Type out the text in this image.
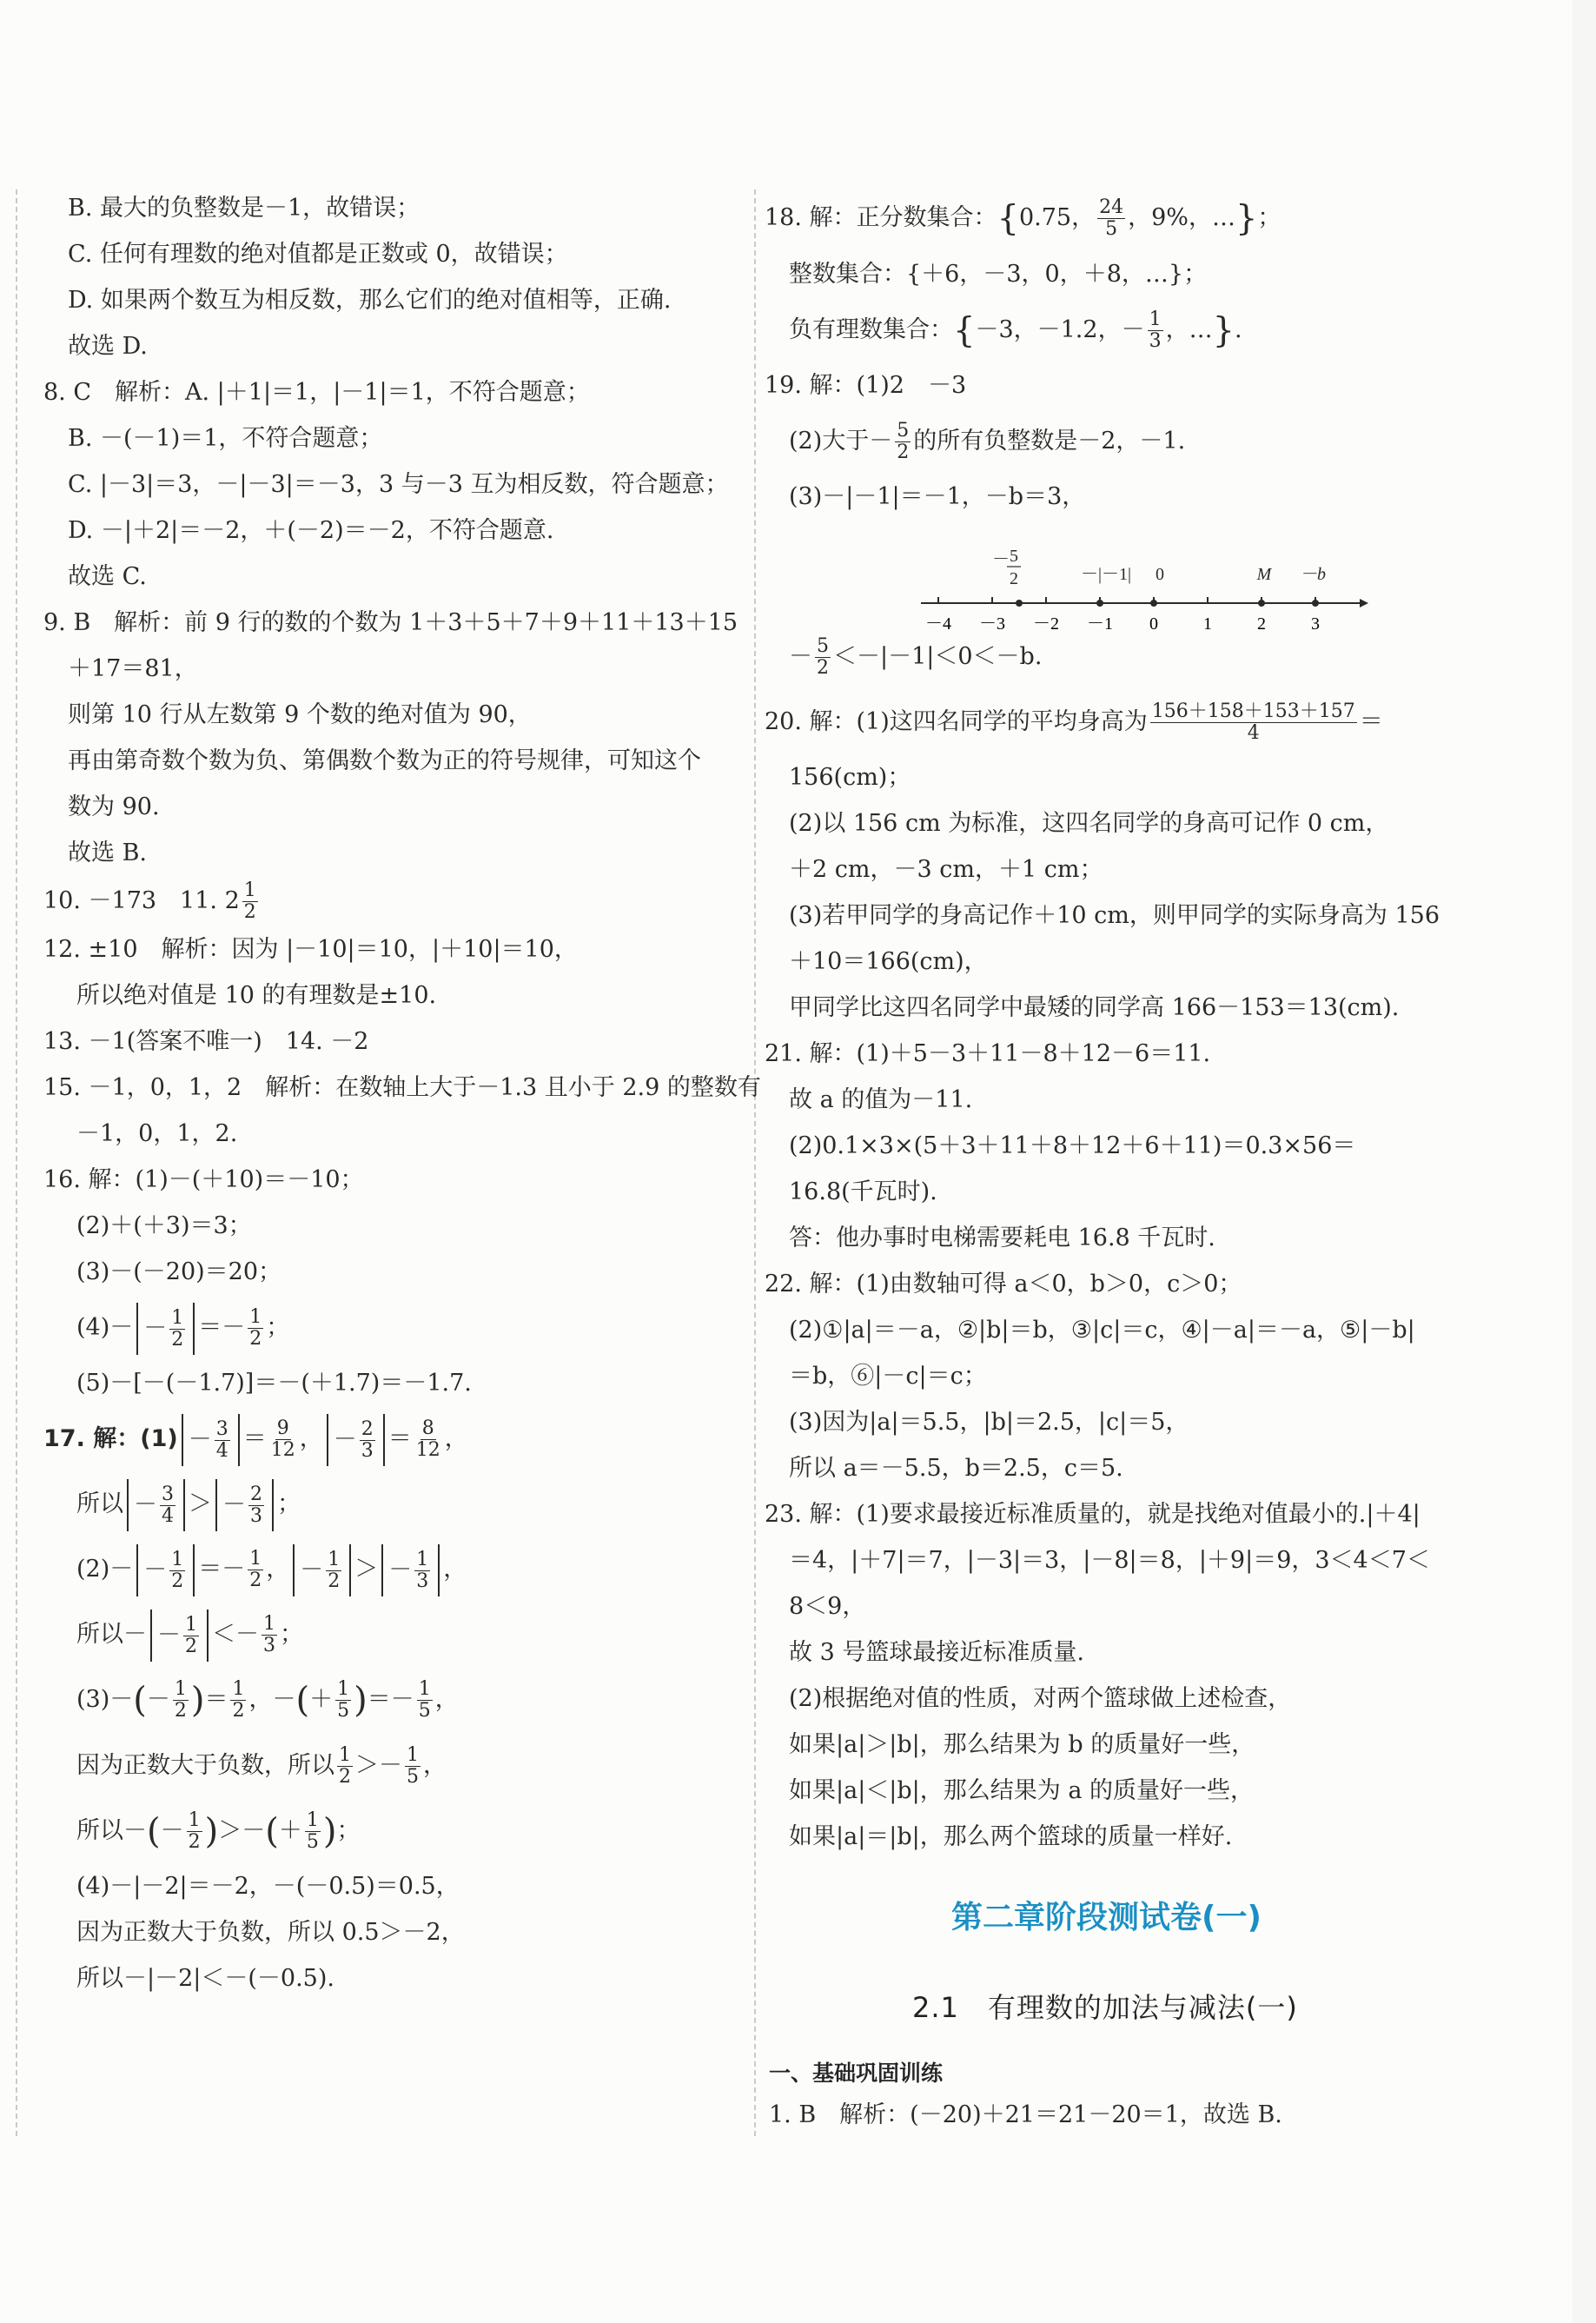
B. 最大的负整数是－1，故错误；
C. 任何有理数的绝对值都是正数或 0，故错误；
D. 如果两个数互为相反数，那么它们的绝对值相等，正确.
故选 D.
8. C　解析：A. |＋1|＝1，|－1|＝1，不符合题意；
B. －(－1)＝1，不符合题意；
C. |－3|＝3，－|－3|＝－3，3 与－3 互为相反数，符合题意；
D. －|＋2|＝－2，＋(－2)＝－2，不符合题意.
故选 C.
9. B　解析：前 9 行的数的个数为 1＋3＋5＋7＋9＋11＋13＋15
＋17＝81，
则第 10 行从左数第 9 个数的绝对值为 90，
再由第奇数个数为负、第偶数个数为正的符号规律，可知这个
数为 90.
故选 B.
10. －173　11. $2 \frac{1}{2}$
12. ±10　解析：因为 |－10|＝10，|＋10|＝10，
所以绝对值是 10 的有理数是±10.
13. －1(答案不唯一)　14. －2
15. －1，0，1，2　解析：在数轴上大于－1.3 且小于 2.9 的整数有
－1，0，1，2.
16. 解：(1)－(＋10)＝－10；
(2)＋(＋3)＝3；
(3)－(－20)＝20；
$(4)- - \frac{1}{2} =- \frac{1}{2}$ ；
(5)－[－(－1.7)]＝－(＋1.7)＝－1.7.
17. 解：$(1) - \frac{3}{4} = \frac{9}{12}$ ， － $\frac{2}{3} = \frac{8}{12}$ ，
所以 － $\frac{3}{4}$ ＞ － $\frac{2}{3}$ ；
$(2)- - \frac{1}{2} =- \frac{1}{2}$ ， － $\frac{1}{2}$ ＞ － $\frac{1}{3}$ ，
所以－ － $\frac{1}{2} <- \frac{1}{3}$ ；
$(3)-(- \frac{1}{2}$ )＝ $\frac{1}{2}$ ，－(＋ $\frac{1}{5}$ )＝－ $\frac{1}{5}$ ，
因为正数大于负数，所以 $\frac{1}{2} >- \frac{1}{5}$ ，
所以－(－ $\frac{1}{2}$ )＞－(＋ $\frac{1}{5}$ )；
(4)－|－2|＝－2，－(－0.5)＝0.5，
因为正数大于负数，所以 0.5＞－2，
所以－|－2|＜－(－0.5).
18. 解：正分数集合：{0.75， $\frac{24}{5}$ ，9%，…}；
整数集合：{＋6，－3，0，＋8，…}；
负有理数集合：{－3，－1.2，－ $\frac{1}{3}$ ，…}.
19. 解：(1)2　－3
(2)大于－ $\frac{5}{2}$ 的所有负整数是－2，－1.
(3)－|－1|＝－1，－b＝3，
－ $\frac{5}{2} <-|-1|<0<-b$.
20. 解：(1)这四名同学的平均身高为 $\frac{156+158+153+157}{4}$ ＝
156(cm)；
(2)以 156 cm 为标准，这四名同学的身高可记作 0 cm，
＋2 cm，－3 cm，＋1 cm；
(3)若甲同学的身高记作＋10 cm，则甲同学的实际身高为 156
＋10＝166(cm)，
甲同学比这四名同学中最矮的同学高 166－153＝13(cm).
21. 解：(1)＋5－3＋11－8＋12－6＝11.
故 a 的值为－11.
(2)0.1×3×(5＋3＋11＋8＋12＋6＋11)＝0.3×56＝
16.8(千瓦时).
答：他办事时电梯需要耗电 16.8 千瓦时.
22. 解：(1)由数轴可得 a＜0，b＞0，c＞0；
(2)①|a|＝－a，②|b|＝b，③|c|＝c，④|－a|＝－a，⑤|－b|
＝b，⑥|－c|＝c；
(3)因为|a|＝5.5，|b|＝2.5，|c|＝5，
所以 a＝－5.5，b＝2.5，c＝5.
23. 解：(1)要求最接近标准质量的，就是找绝对值最小的.|＋4|
＝4，|＋7|＝7，|－3|＝3，|－8|＝8，|＋9|＝9，3＜4＜7＜
8＜9，
故 3 号篮球最接近标准质量.
(2)根据绝对值的性质，对两个篮球做上述检查，
如果|a|＞|b|，那么结果为 b 的质量好一些，
如果|a|＜|b|，那么结果为 a 的质量好一些，
如果|a|＝|b|，那么两个篮球的质量一样好.
－4 －3 －2 －1 0	1	2	3
－ 5
2	－|－1| 0	M －b
第二章阶段测试卷(一)
2.1　有理数的加法与减法(一)
一、基础巩固训练
1. B　解析：(－20)＋21＝21－20＝1，故选 B.
